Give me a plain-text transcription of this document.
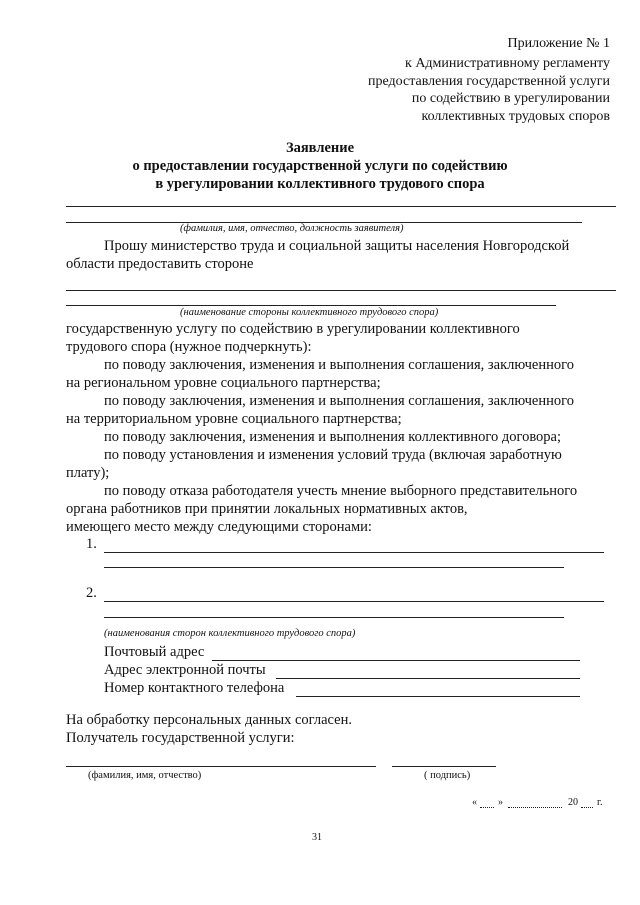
Приложение № 1
к Административному регламенту
предоставления государственной услуги
по содействию в урегулировании
коллективных трудовых споров
Заявление
о предоставлении государственной услуги по содействию
в урегулировании коллективного трудового спора
(фамилия, имя, отчество, должность заявителя)
Прошу министерство труда и социальной защиты населения Новгородской
области предоставить стороне
(наименование стороны коллективного трудового спора)
государственную услугу по содействию в урегулировании коллективного
трудового спора (нужное подчеркнуть):
по поводу заключения, изменения и выполнения соглашения, заключенного
на региональном уровне социального партнерства;
по поводу заключения, изменения и выполнения соглашения, заключенного
на территориальном уровне социального партнерства;
по поводу заключения, изменения и выполнения коллективного договора;
по поводу установления и изменения условий труда (включая заработную
плату);
по поводу отказа работодателя учесть мнение выборного представительного
органа работников при принятии локальных нормативных актов,
имеющего место между следующими сторонами:
1.
2.
(наименования сторон коллективного трудового спора)
Почтовый адрес
Адрес электронной почты
Номер контактного телефона
На обработку персональных данных согласен.
Получатель государственной услуги:
(фамилия, имя, отчество)	( подпись)
« »	20 г.
31
